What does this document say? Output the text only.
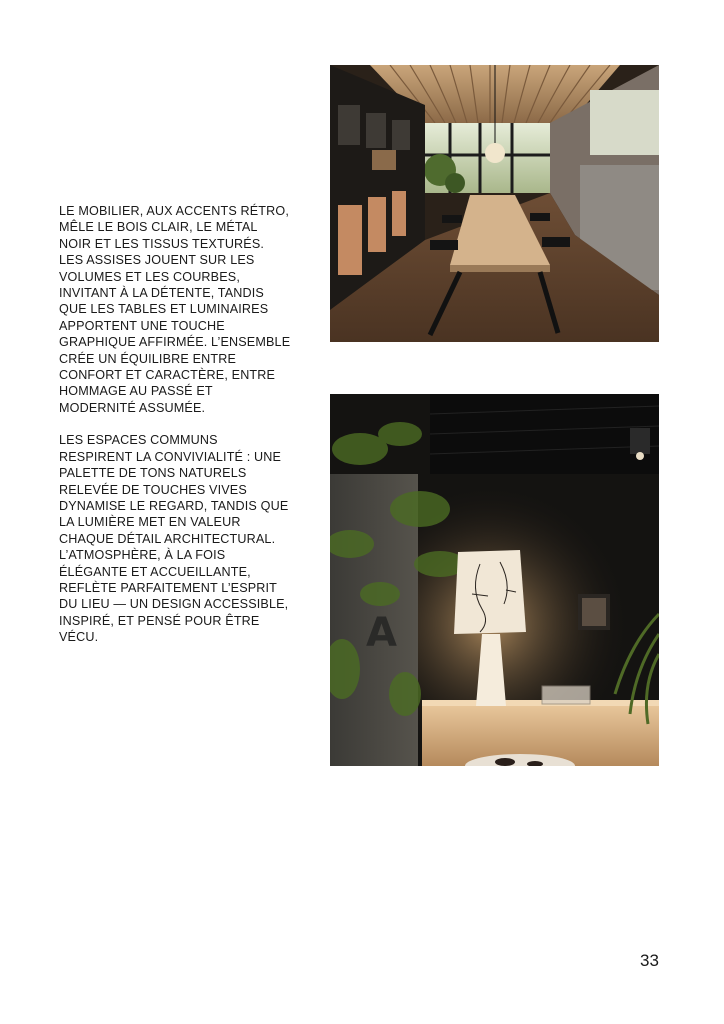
LE MOBILIER, AUX ACCENTS RÉTRO, MÊLE LE BOIS CLAIR, LE MÉTAL NOIR ET LES TISSUS TEXTURÉS. LES ASSISES JOUENT SUR LES VOLUMES ET LES COURBES, INVITANT À LA DÉTENTE, TANDIS QUE LES TABLES ET LUMINAIRES APPORTENT UNE TOUCHE GRAPHIQUE AFFIRMÉE. L’ENSEMBLE CRÉE UN ÉQUILIBRE ENTRE CONFORT ET CARACTÈRE, ENTRE HOMMAGE AU PASSÉ ET MODERNITÉ ASSUMÉE.

LES ESPACES COMMUNS RESPIRENT LA CONVIVIALITÉ : UNE PALETTE DE TONS NATURELS RELEVÉE DE TOUCHES VIVES DYNAMISE LE REGARD, TANDIS QUE LA LUMIÈRE MET EN VALEUR CHAQUE DÉTAIL ARCHITECTURAL. L’ATMOSPHÈRE, À LA FOIS ÉLÉGANTE ET ACCUEILLANTE, REFLÈTE PARFAITEMENT L’ESPRIT DU LIEU — UN DESIGN ACCESSIBLE, INSPIRÉ, ET PENSÉ POUR ÊTRE VÉCU.	A
33
